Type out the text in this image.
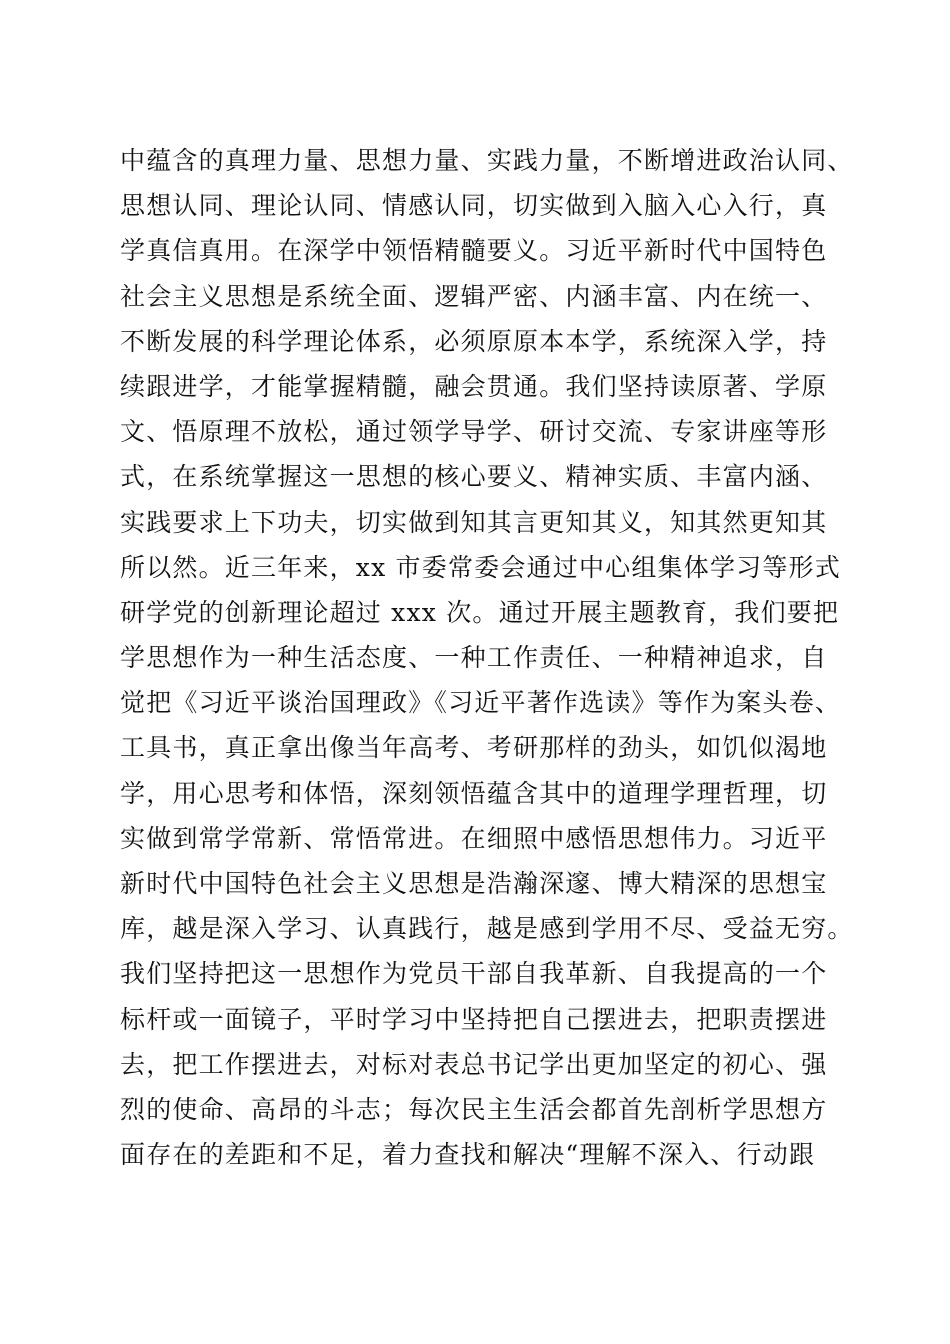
中蕴含的真理力量、思想力量、实践力量，不断增进政治认同、
思想认同、理论认同、情感认同，切实做到入脑入心入行，真
学真信真用。在深学中领悟精髓要义。习近平新时代中国特色
社会主义思想是系统全面、逻辑严密、内涵丰富、内在统一、
不断发展的科学理论体系，必须原原本本学，系统深入学，持
续跟进学，才能掌握精髓，融会贯通。我们坚持读原著、学原
文、悟原理不放松，通过领学导学、研讨交流、专家讲座等形
式，在系统掌握这一思想的核心要义、精神实质、丰富内涵、
实践要求上下功夫，切实做到知其言更知其义，知其然更知其
所以然。近三年来，xx 市委常委会通过中心组集体学习等形式
研学党的创新理论超过 xxx 次。通过开展主题教育，我们要把
学思想作为一种生活态度、一种工作责任、一种精神追求，自
觉把《习近平谈治国理政》《习近平著作选读》等作为案头卷、
工具书，真正拿出像当年高考、考研那样的劲头，如饥似渴地
学，用心思考和体悟，深刻领悟蕴含其中的道理学理哲理，切
实做到常学常新、常悟常进。在细照中感悟思想伟力。习近平
新时代中国特色社会主义思想是浩瀚深邃、博大精深的思想宝
库，越是深入学习、认真践行，越是感到学用不尽、受益无穷。
我们坚持把这一思想作为党员干部自我革新、自我提高的一个
标杆或一面镜子，平时学习中坚持把自己摆进去，把职责摆进
去，把工作摆进去，对标对表总书记学出更加坚定的初心、强
烈的使命、高昂的斗志；每次民主生活会都首先剖析学思想方
面存在的差距和不足，着力查找和解决“理解不深入、行动跟
